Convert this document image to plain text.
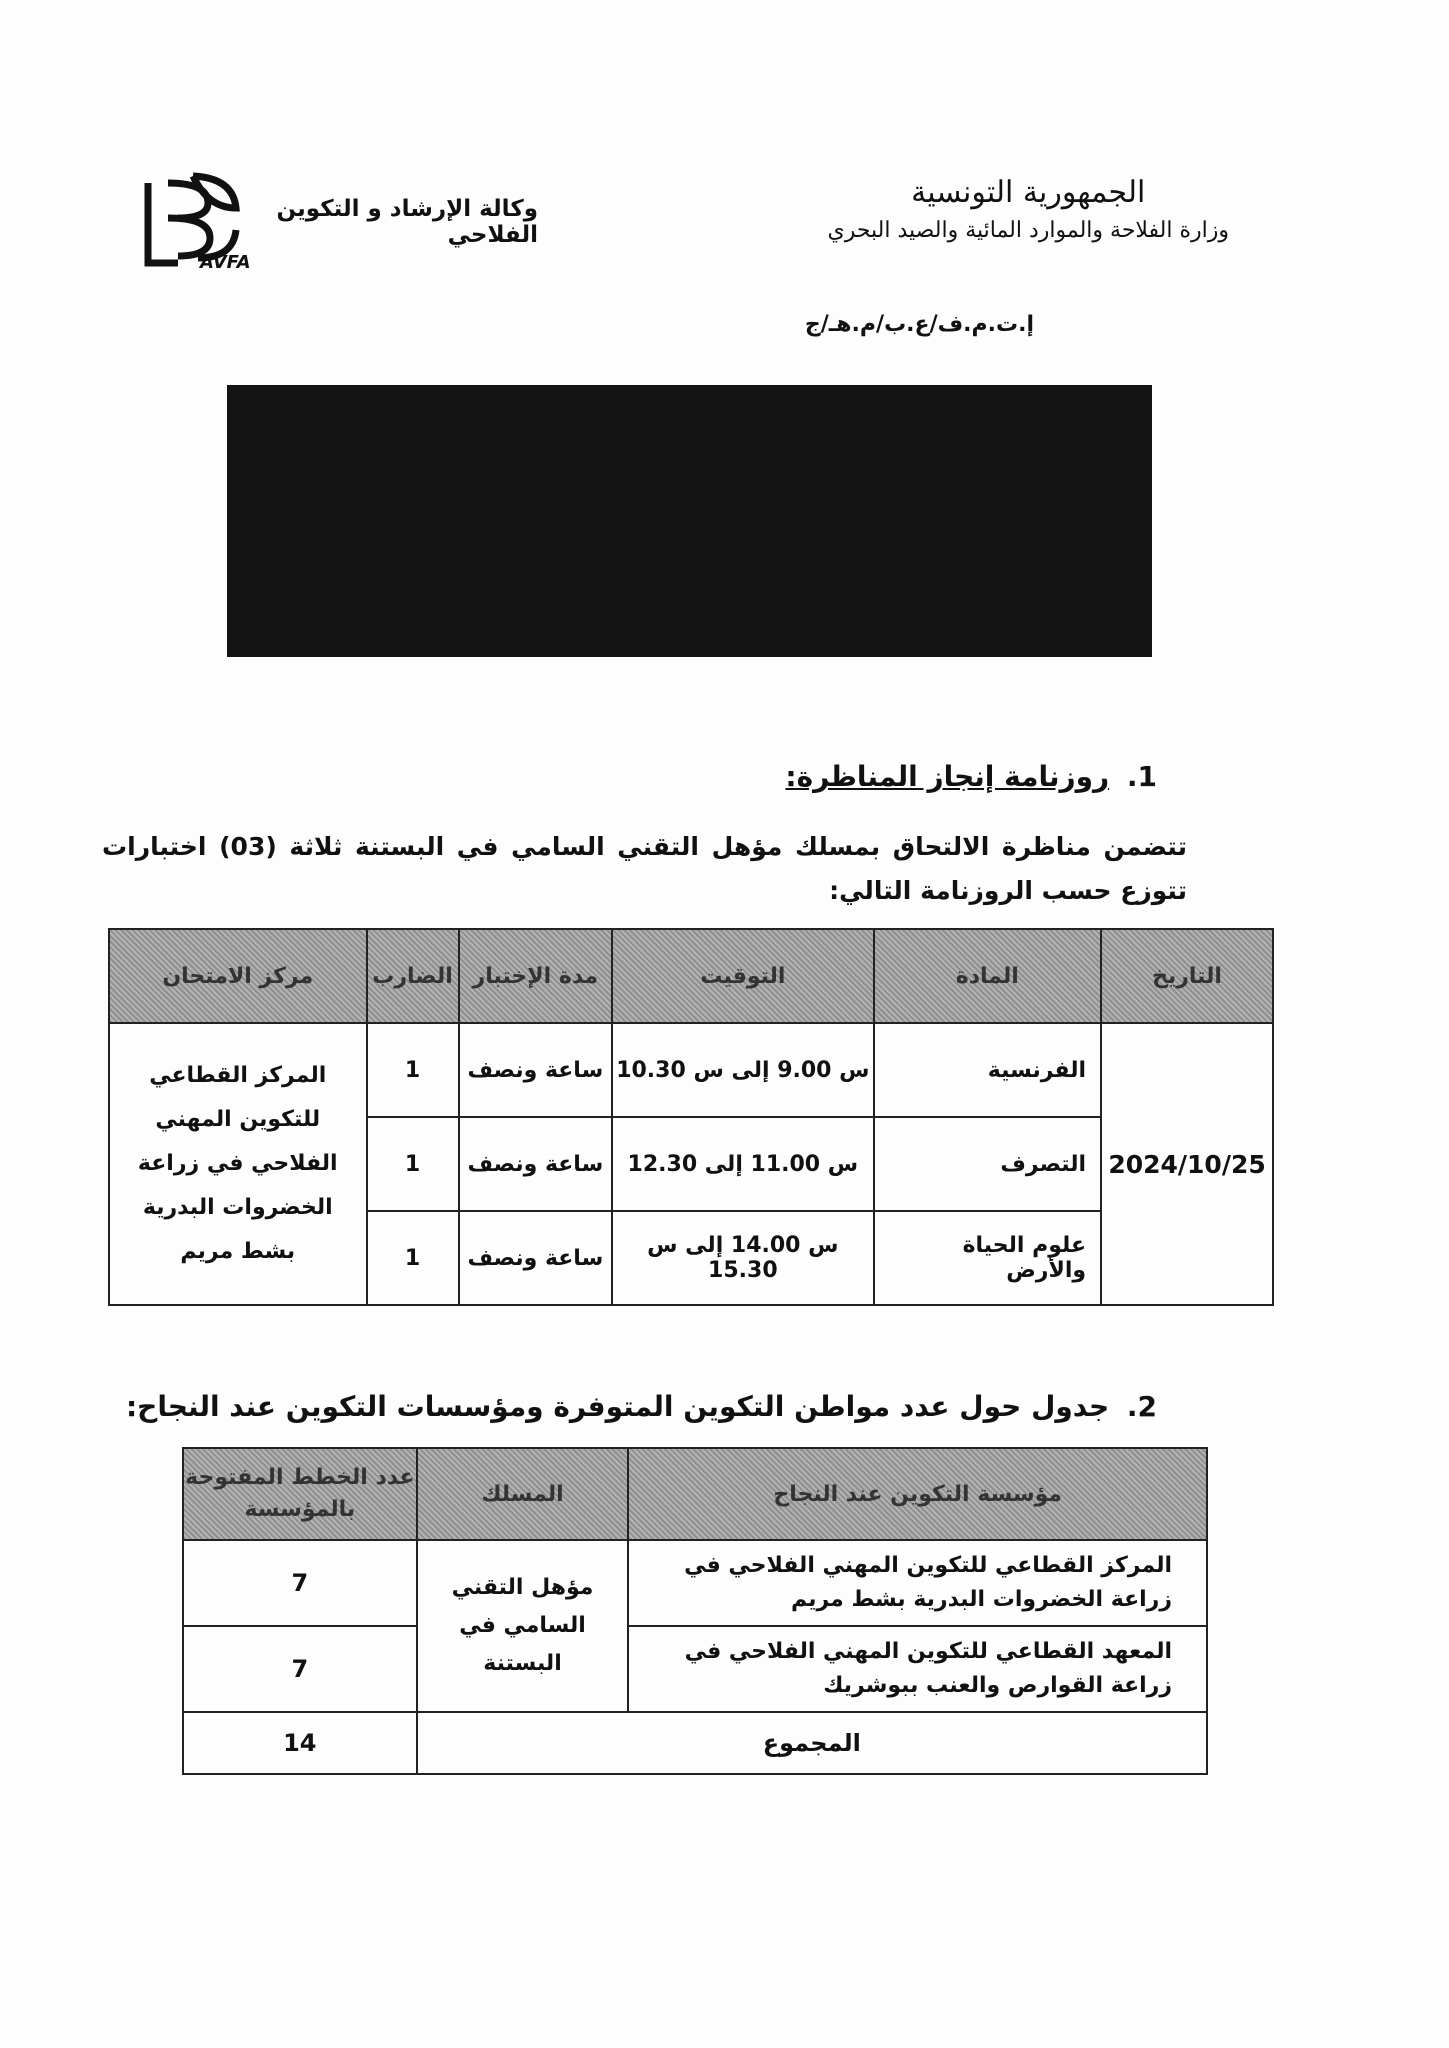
الجمهورية التونسية
وزارة الفلاحة والموارد المائية والصيد البحري
وكالة الإرشاد و التكوين الفلاحي
AVFA
إ.ت.م.ف/ع.ب/م.هـ/ج
1. روزنامة إنجاز المناظرة:
تتضمن مناظرة الالتحاق بمسلك مؤهل التقني السامي في البستنة ثلاثة (03) اختبارات تتوزع حسب الروزنامة التالي:
التاريخ	المادة	التوقيت	مدة الإختبار	الضارب	مركز الامتحان
2024/10/25	الفرنسية	س 9.00 إلى س 10.30	ساعة ونصف	1	المركز القطاعي للتكوين المهني الفلاحي في زراعة الخضروات البدرية بشط مريم
	التصرف	س 11.00 إلى 12.30	ساعة ونصف	1	
	علوم الحياة والأرض	س 14.00 إلى س 15.30	ساعة ونصف	1	
2. جدول حول عدد مواطن التكوين المتوفرة ومؤسسات التكوين عند النجاح:
مؤسسة التكوين عند النجاح	المسلك	عدد الخطط المفتوحة بالمؤسسة
المركز القطاعي للتكوين المهني الفلاحي في زراعة الخضروات البدرية بشط مريم	مؤهل التقني السامي في البستنة	7
المعهد القطاعي للتكوين المهني الفلاحي في زراعة القوارص والعنب ببوشريك		7
المجموع		14
